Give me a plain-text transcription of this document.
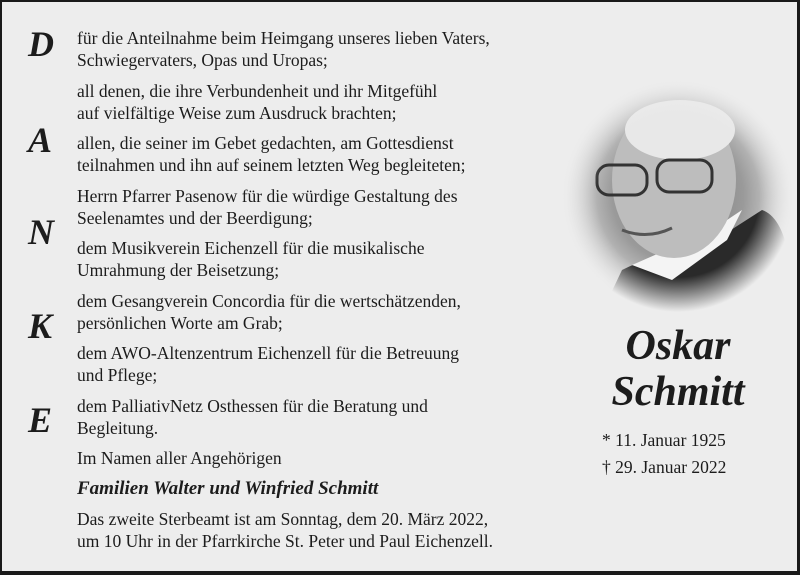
D
A
N
K
E
für die Anteilnahme beim Heimgang unseres lieben Vaters,
Schwiegervaters, Opas und Uropas;
all denen, die ihre Verbundenheit und ihr Mitgefühl
auf vielfältige Weise zum Ausdruck brachten;
allen, die seiner im Gebet gedachten, am Gottesdienst
teilnahmen und ihn auf seinem letzten Weg begleiteten;
Herrn Pfarrer Pasenow für die würdige Gestaltung des
Seelenamtes und der Beerdigung;
dem Musikverein Eichenzell für die musikalische
Umrahmung der Beisetzung;
dem Gesangverein Concordia für die wertschätzenden,
persönlichen Worte am Grab;
dem AWO-Altenzentrum Eichenzell für die Betreuung
und Pflege;
dem PalliativNetz Osthessen für die Beratung und
Begleitung.
Im Namen aller Angehörigen
Familien Walter und Winfried Schmitt
Das zweite Sterbeamt ist am Sonntag, dem 20. März 2022,
um 10 Uhr in der Pfarrkirche St. Peter und Paul Eichenzell.
Oskar
Schmitt
* 11. Januar 1925
† 29. Januar 2022
